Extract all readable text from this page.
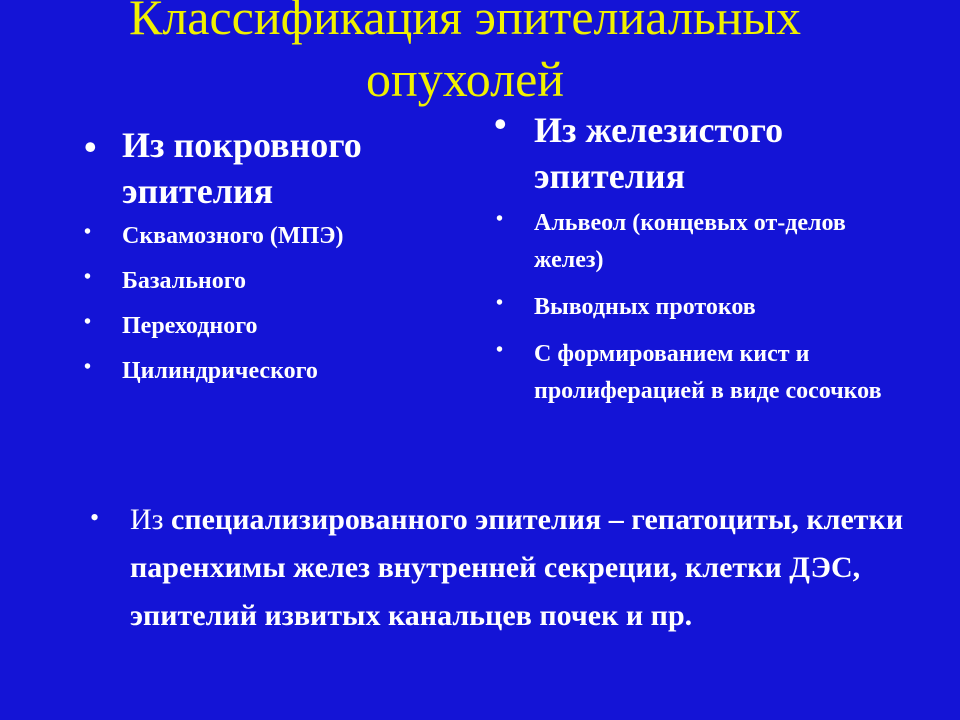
Классификация эпителиальных
опухолей
• Из покровного эпителия
• Сквамозного (МПЭ)
• Базального
• Переходного
• Цилиндрического
• Из железистого эпителия
• Альвеол (концевых от-делов желез)
• Выводных протоков
• С формированием кист и пролиферацией в виде сосочков
• Из специализированного эпителия – гепатоциты, клетки паренхимы желез внутренней секреции, клетки ДЭС, эпителий извитых канальцев почек и пр.
